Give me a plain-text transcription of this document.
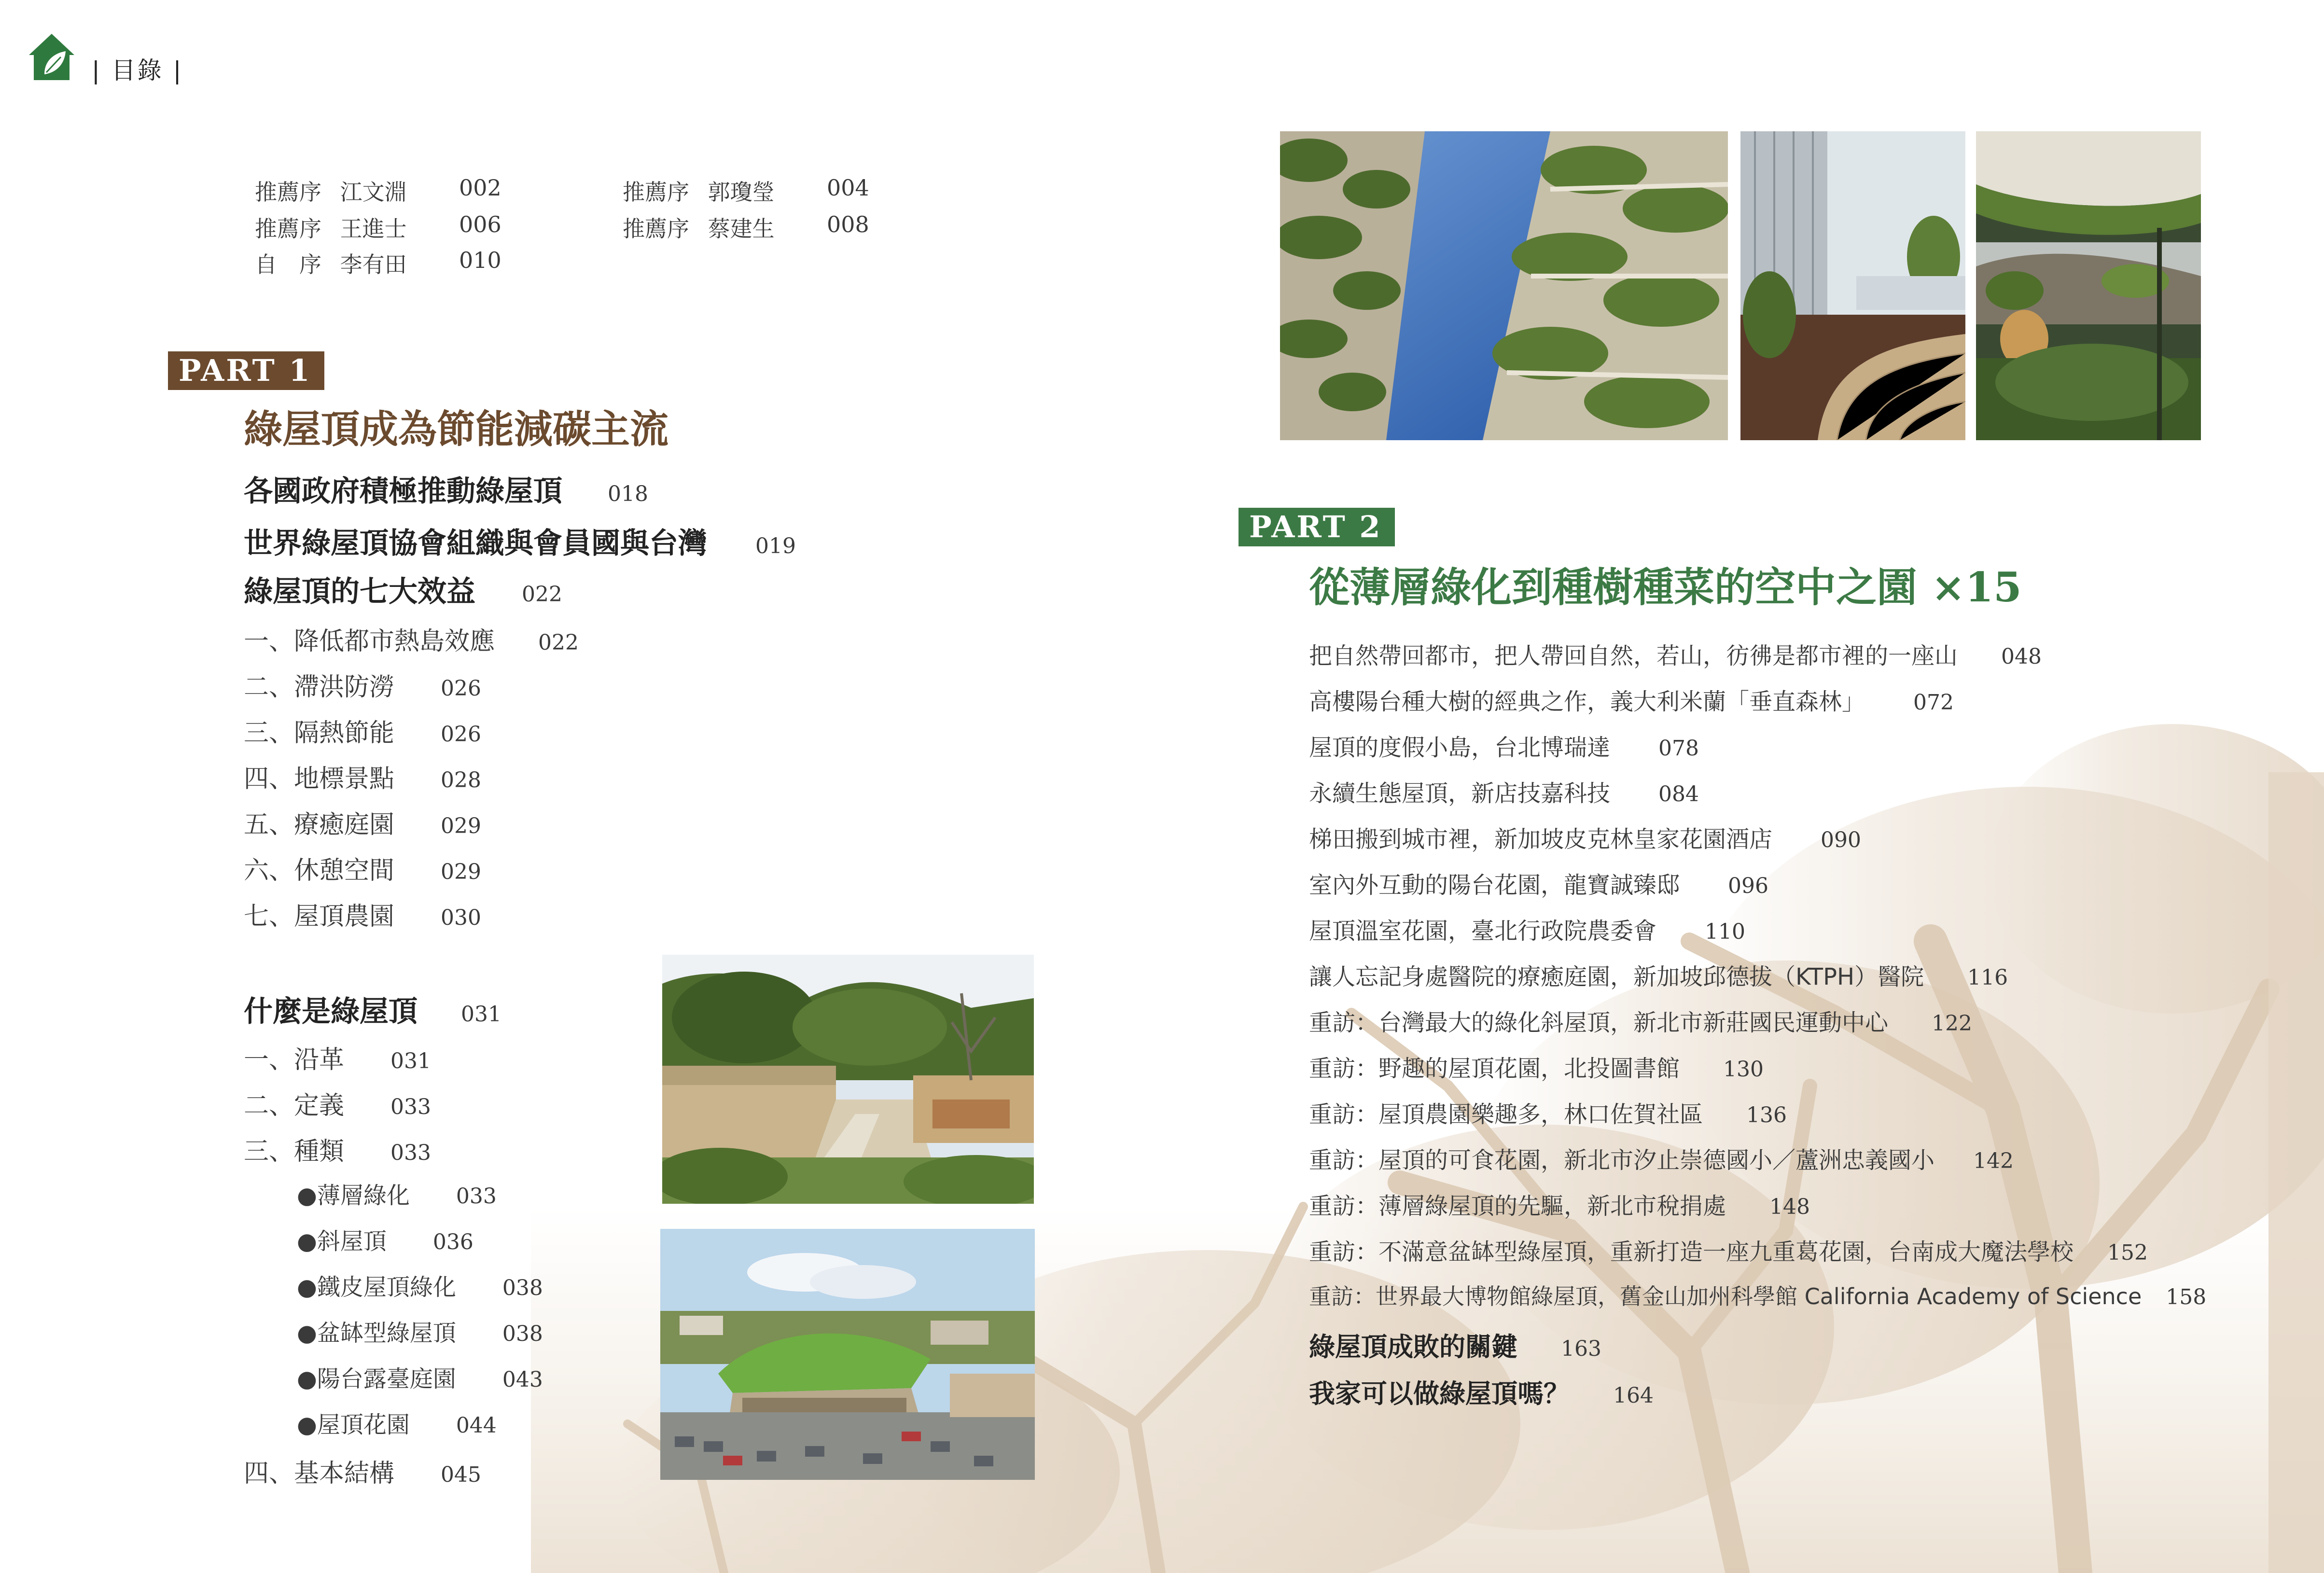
| 目錄 |
推薦序 江文淵 002	推薦序 郭瓊瑩 004
推薦序 王進士 006	推薦序 蔡建生 008
自　序 李有田 010
PART 1
綠屋頂成為節能減碳主流
各國政府積極推動綠屋頂 018
世界綠屋頂協會組織與會員國與台灣 019
綠屋頂的七大效益 022
一、降低都市熱島效應 022
二、滯洪防澇 026
三、隔熱節能 026
四、地標景點 028
五、療癒庭園 029
六、休憩空間 029
七、屋頂農園 030
什麼是綠屋頂 031
一、沿革 031
二、定義 033
三、種類 033
●薄層綠化 033
●斜屋頂 036
●鐵皮屋頂綠化 038
●盆缽型綠屋頂 038
●陽台露臺庭園 043
●屋頂花園 044
四、基本結構 045
PART 2
從薄層綠化到種樹種菜的空中之園 ×15
把自然帶回都市，把人帶回自然，若山，彷彿是都市裡的一座山 048
高樓陽台種大樹的經典之作，義大利米蘭「垂直森林」 072
屋頂的度假小島，台北博瑞達 078
永續生態屋頂，新店技嘉科技 084
梯田搬到城市裡，新加坡皮克林皇家花園酒店 090
室內外互動的陽台花園，龍寶誠臻邸 096
屋頂溫室花園，臺北行政院農委會 110
讓人忘記身處醫院的療癒庭園，新加坡邱德拔（KTPH）醫院 116
重訪：台灣最大的綠化斜屋頂，新北市新莊國民運動中心 122
重訪：野趣的屋頂花園，北投圖書館 130
重訪：屋頂農園樂趣多，林口佐賀社區 136
重訪：屋頂的可食花園，新北市汐止崇德國小／蘆洲忠義國小 142
重訪：薄層綠屋頂的先驅，新北市稅捐處 148
重訪：不滿意盆缽型綠屋頂，重新打造一座九重葛花園，台南成大魔法學校 152
重訪：世界最大博物館綠屋頂，舊金山加州科學館 California Academy of Science 158
綠屋頂成敗的關鍵 163
我家可以做綠屋頂嗎？ 164
